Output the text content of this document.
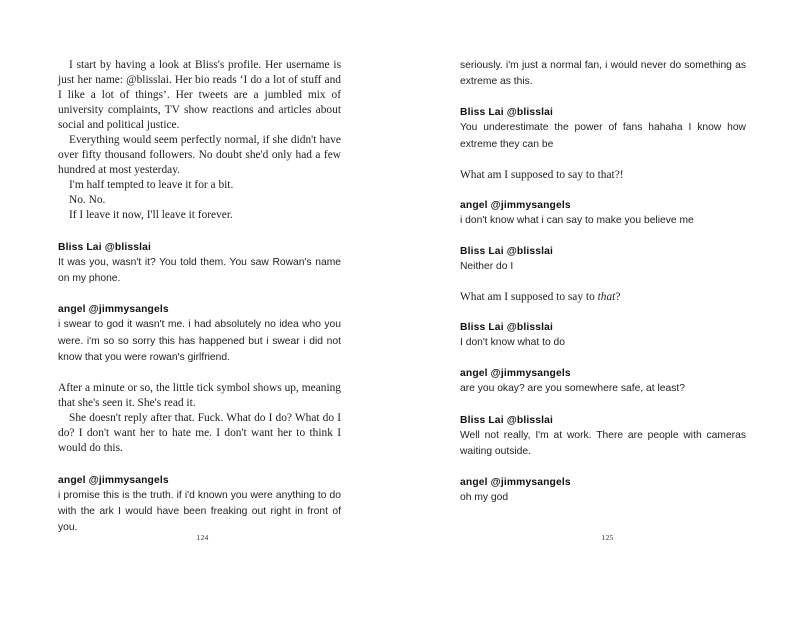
I start by having a look at Bliss's profile. Her username is just her name: @blisslai. Her bio reads ‘I do a lot of stuff and I like a lot of things’. Her tweets are a jumbled mix of university complaints, TV show reactions and articles about social and political justice.

Everything would seem perfectly normal, if she didn't have over fifty thousand followers. No doubt she'd only had a few hundred at most yesterday.

I'm half tempted to leave it for a bit.

No. No.

If I leave it now, I'll leave it forever.

Bliss Lai @blisslai

It was you, wasn't it? You told them. You saw Rowan's name on my phone.

angel @jimmysangels

i swear to god it wasn't me. i had absolutely no idea who you were. i'm so so sorry this has happened but i swear i did not know that you were rowan's girlfriend.

After a minute or so, the little tick symbol shows up, meaning that she's seen it. She's read it.

She doesn't reply after that. Fuck. What do I do? What do I do? I don't want her to hate me. I don't want her to think I would do this.

angel @jimmysangels

i promise this is the truth. if i'd known you were anything to do with the ark I would have been freaking out right in front of you.

124

seriously. i'm just a normal fan, i would never do something as extreme as this.

Bliss Lai @blisslai

You underestimate the power of fans hahaha I know how extreme they can be

What am I supposed to say to that?!

angel @jimmysangels

i don't know what i can say to make you believe me

Bliss Lai @blisslai

Neither do I

What am I supposed to say to that?

Bliss Lai @blisslai

I don't know what to do

angel @jimmysangels

are you okay? are you somewhere safe, at least?

Bliss Lai @blisslai

Well not really, I'm at work. There are people with cameras waiting outside.

angel @jimmysangels

oh my god

125
